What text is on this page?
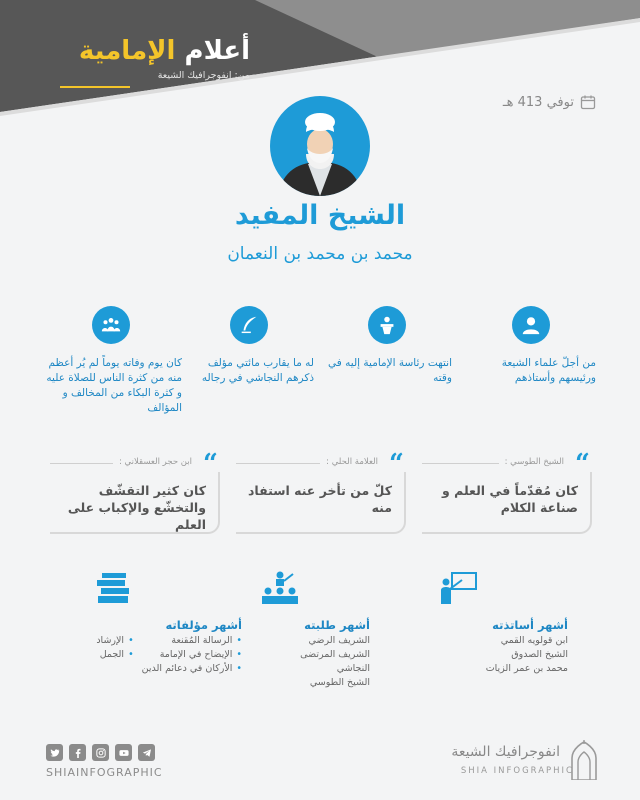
أعلام الإمامية
من: انفوجرافيك الشيعة
توفي 413 هـ
الشيخ المفيد
محمد بن محمد بن النعمان
من أجلّ علماء الشيعة ورئيسهم وأستاذهم
انتهت رئاسة الإمامية إليه في وقته
له ما يقارب مائتي مؤلف ذكرهم النجاشي في رجاله
كان يوم وفاته يوماً لم يُر أعظم منه من كثرة الناس للصلاة عليه و كثرة البكاء من المخالف و المؤالف
“
الشيخ الطوسي :
كان مُقدّماً في العلم و صناعة الكلام
“
العلامة الحلي :
كلّ من تأخر عنه استفاد منه
“
ابن حجر العسقلاني :
كان كثير التقشّف والتخشّع والإكباب على العلم
أشهر أساتذته
ابن قولويه القمي
الشيخ الصدوق
محمد بن عمر الزيات
أشهر طلبته
الشريف الرضي
الشريف المرتضى
النجاشي
الشيخ الطوسي
أشهر مؤلفاته
• الرسالة المُقنعة
• الإيضاح في الإمامة
• الأركان في دعائم الدين
• الإرشاد
• الجمل
SHIAINFOGRAPHIC
انفوجرافيك الشيعة
SHIA INFOGRAPHIC
